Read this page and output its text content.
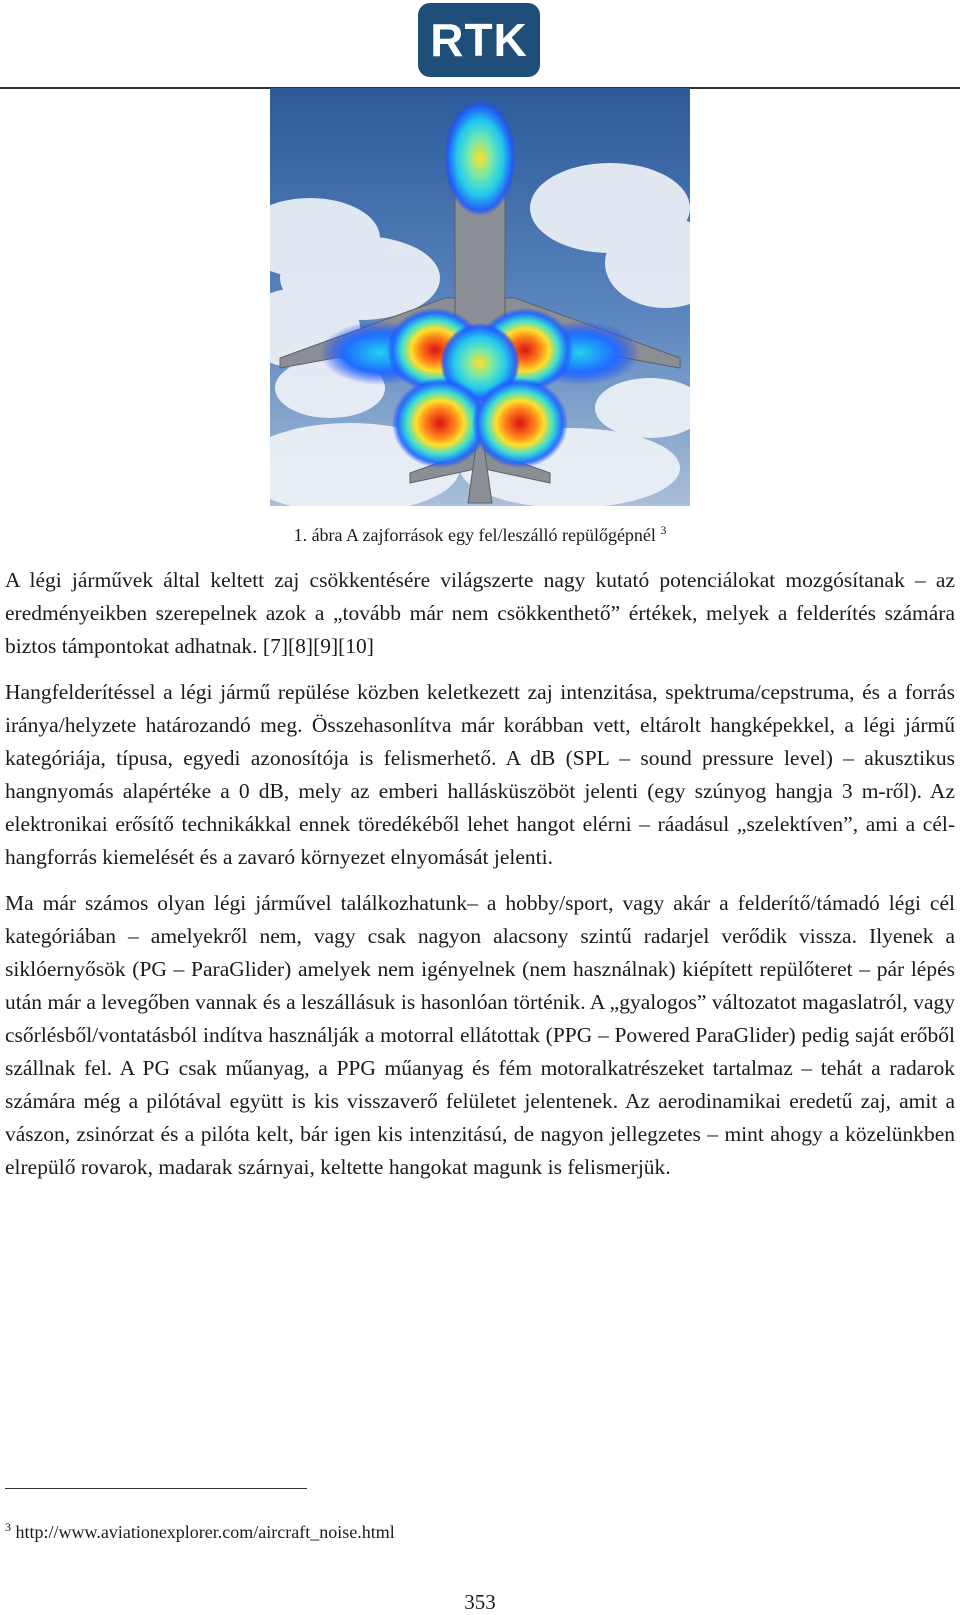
RTK
1. ábra A zajforrások egy fel/leszálló repülőgépnél $^3$

A légi járművek által keltett zaj csökkentésére világszerte nagy kutató potenciálokat mozgósítanak – az eredményeikben szerepelnek azok a „tovább már nem csökkenthető” értékek, melyek a felderítés számára biztos támpontokat adhatnak. [7][8][9][10]

Hangfelderítéssel a légi jármű repülése közben keletkezett zaj intenzitása, spektruma/cepstruma, és a forrás iránya/helyzete határozandó meg. Összehasonlítva már korábban vett, eltárolt hangképekkel, a légi jármű kategóriája, típusa, egyedi azonosítója is felismerhető. A dB (SPL – sound pressure level) – akusztikus hangnyomás alapértéke a 0 dB, mely az emberi hallásküszöböt jelenti (egy szúnyog hangja 3 m-ről). Az elektronikai erősítő technikákkal ennek töredékéből lehet hangot elérni – ráadásul „szelektíven”, ami a cél-hangforrás kiemelését és a zavaró környezet elnyomását jelenti.

Ma már számos olyan légi járművel találkozhatunk– a hobby/sport, vagy akár a felderítő/támadó légi cél kategóriában – amelyekről nem, vagy csak nagyon alacsony szintű radarjel verődik vissza. Ilyenek a siklóernyősök (PG – ParaGlider) amelyek nem igényelnek (nem használnak) kiépített repülőteret – pár lépés után már a levegőben vannak és a leszállásuk is hasonlóan történik. A „gyalogos” változatot magaslatról, vagy csőrlésből/vontatásból indítva használják a motorral ellátottak (PPG – Powered ParaGlider) pedig saját erőből szállnak fel. A PG csak műanyag, a PPG műanyag és fém motoralkatrészeket tartalmaz – tehát a radarok számára még a pilótával együtt is kis visszaverő felületet jelentenek. Az aerodinamikai eredetű zaj, amit a vászon, zsinórzat és a pilóta kelt, bár igen kis intenzitású, de nagyon jellegzetes – mint ahogy a közelünkben elrepülő rovarok, madarak szárnyai, keltette hangokat magunk is felismerjük.

$^3$ http://www.aviationexplorer.com/aircraft_noise.html
353
